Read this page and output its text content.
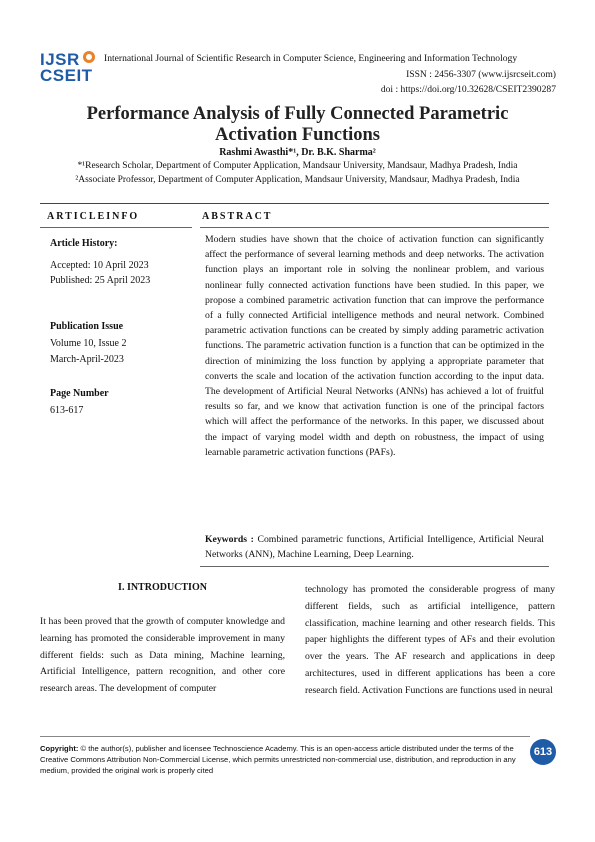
IJSR
CSEIT
International Journal of Scientific Research in Computer Science, Engineering and Information Technology
ISSN : 2456-3307 (www.ijsrcseit.com)
doi : https://doi.org/10.32628/CSEIT2390287
Performance Analysis of Fully Connected Parametric
Activation Functions
Rashmi Awasthi*¹, Dr. B.K. Sharma²
*¹Research Scholar, Department of Computer Application, Mandsaur University, Mandsaur, Madhya Pradesh, India
²Associate Professor, Department of Computer Application, Mandsaur University, Mandsaur, Madhya Pradesh, India
ARTICLEINFO
Article History:
Accepted: 10 April 2023
Published: 25 April 2023
Publication Issue
Volume 10, Issue 2
March-April-2023
Page Number
613-617
ABSTRACT
Modern studies have shown that the choice of activation function can significantly affect the performance of several learning methods and deep networks. The activation function plays an important role in solving the nonlinear problem, and various nonlinear fully connected activation functions have been studied. In this paper, we propose a combined parametric activation function that can improve the performance of a fully connected Artificial intelligence methods and neural network. Combined parametric activation functions can be created by simply adding parametric activation functions. The parametric activation function is a function that can be optimized in the direction of minimizing the loss function by applying a appropriate parameter that converts the scale and location of the activation function according to the input data. The development of Artificial Neural Networks (ANNs) has achieved a lot of fruitful results so far, and we know that activation function is one of the principal factors which will affect the performance of the networks. In this paper, we discussed about the impact of varying model width and depth on robustness, the impact of using learnable parametric activation functions (PAFs).
Keywords : Combined parametric functions, Artificial Intelligence, Artificial Neural Networks (ANN), Machine Learning, Deep Learning.
I. INTRODUCTION
It has been proved that the growth of computer knowledge and learning has promoted the considerable improvement in many different fields: such as Data mining, Machine learning, Artificial Intelligence, pattern recognition, and other core research areas. The development of computer
technology has promoted the considerable progress of many different fields, such as artificial intelligence, pattern classification, machine learning and other research fields. This paper highlights the different types of AFs and their evolution over the years. The AF research and applications in deep architectures, used in different applications has been a core research field. Activation Functions are functions used in neural
Copyright: © the author(s), publisher and licensee Technoscience Academy. This is an open-access article distributed under the terms of the Creative Commons Attribution Non-Commercial License, which permits unrestricted non-commercial use, distribution, and reproduction in any medium, provided the original work is properly cited
613
